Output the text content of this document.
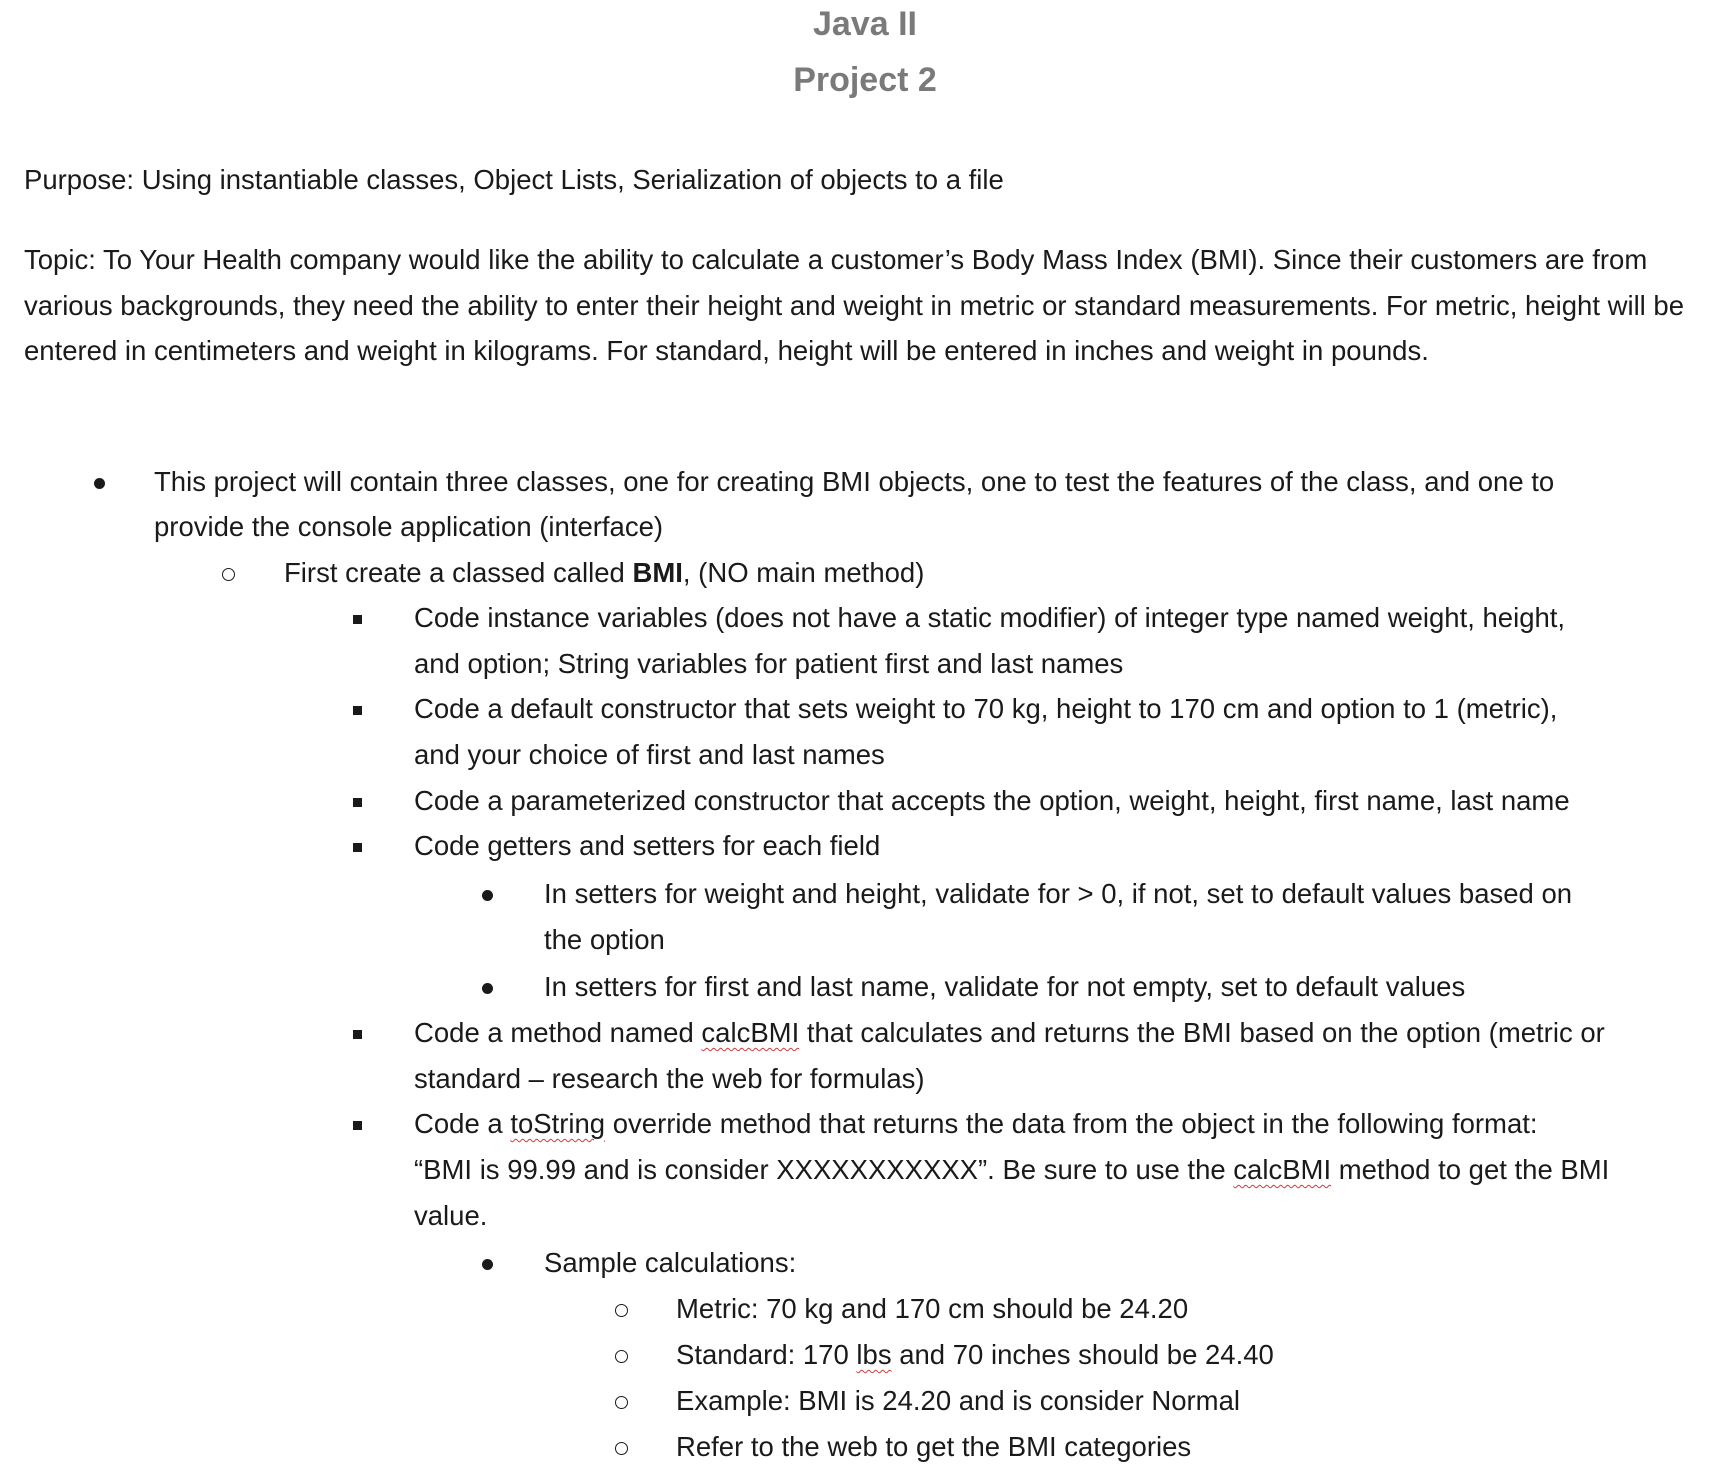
Java II
Project 2

Purpose: Using instantiable classes, Object Lists, Serialization of objects to a file

Topic: To Your Health company would like the ability to calculate a customer’s Body Mass Index (BMI). Since their customers are from various backgrounds, they need the ability to enter their height and weight in metric or standard measurements. For metric, height will be entered in centimeters and weight in kilograms. For standard, height will be entered in inches and weight in pounds.

This project will contain three classes, one for creating BMI objects, one to test the features of the class, and one to
provide the console application (interface)
First create a classed called BMI, (NO main method)
Code instance variables (does not have a static modifier) of integer type named weight, height,
and option; String variables for patient first and last names
Code a default constructor that sets weight to 70 kg, height to 170 cm and option to 1 (metric),
and your choice of first and last names
Code a parameterized constructor that accepts the option, weight, height, first name, last name
Code getters and setters for each field
In setters for weight and height, validate for > 0, if not, set to default values based on
the option
In setters for first and last name, validate for not empty, set to default values
Code a method named calcBMI that calculates and returns the BMI based on the option (metric or
standard – research the web for formulas)
Code a toString override method that returns the data from the object in the following format:
“BMI is 99.99 and is consider XXXXXXXXXXX”. Be sure to use the calcBMI method to get the BMI
value.
Sample calculations:
Metric: 70 kg and 170 cm should be 24.20
Standard: 170 lbs and 70 inches should be 24.40
Example: BMI is 24.20 and is consider Normal
Refer to the web to get the BMI categories
